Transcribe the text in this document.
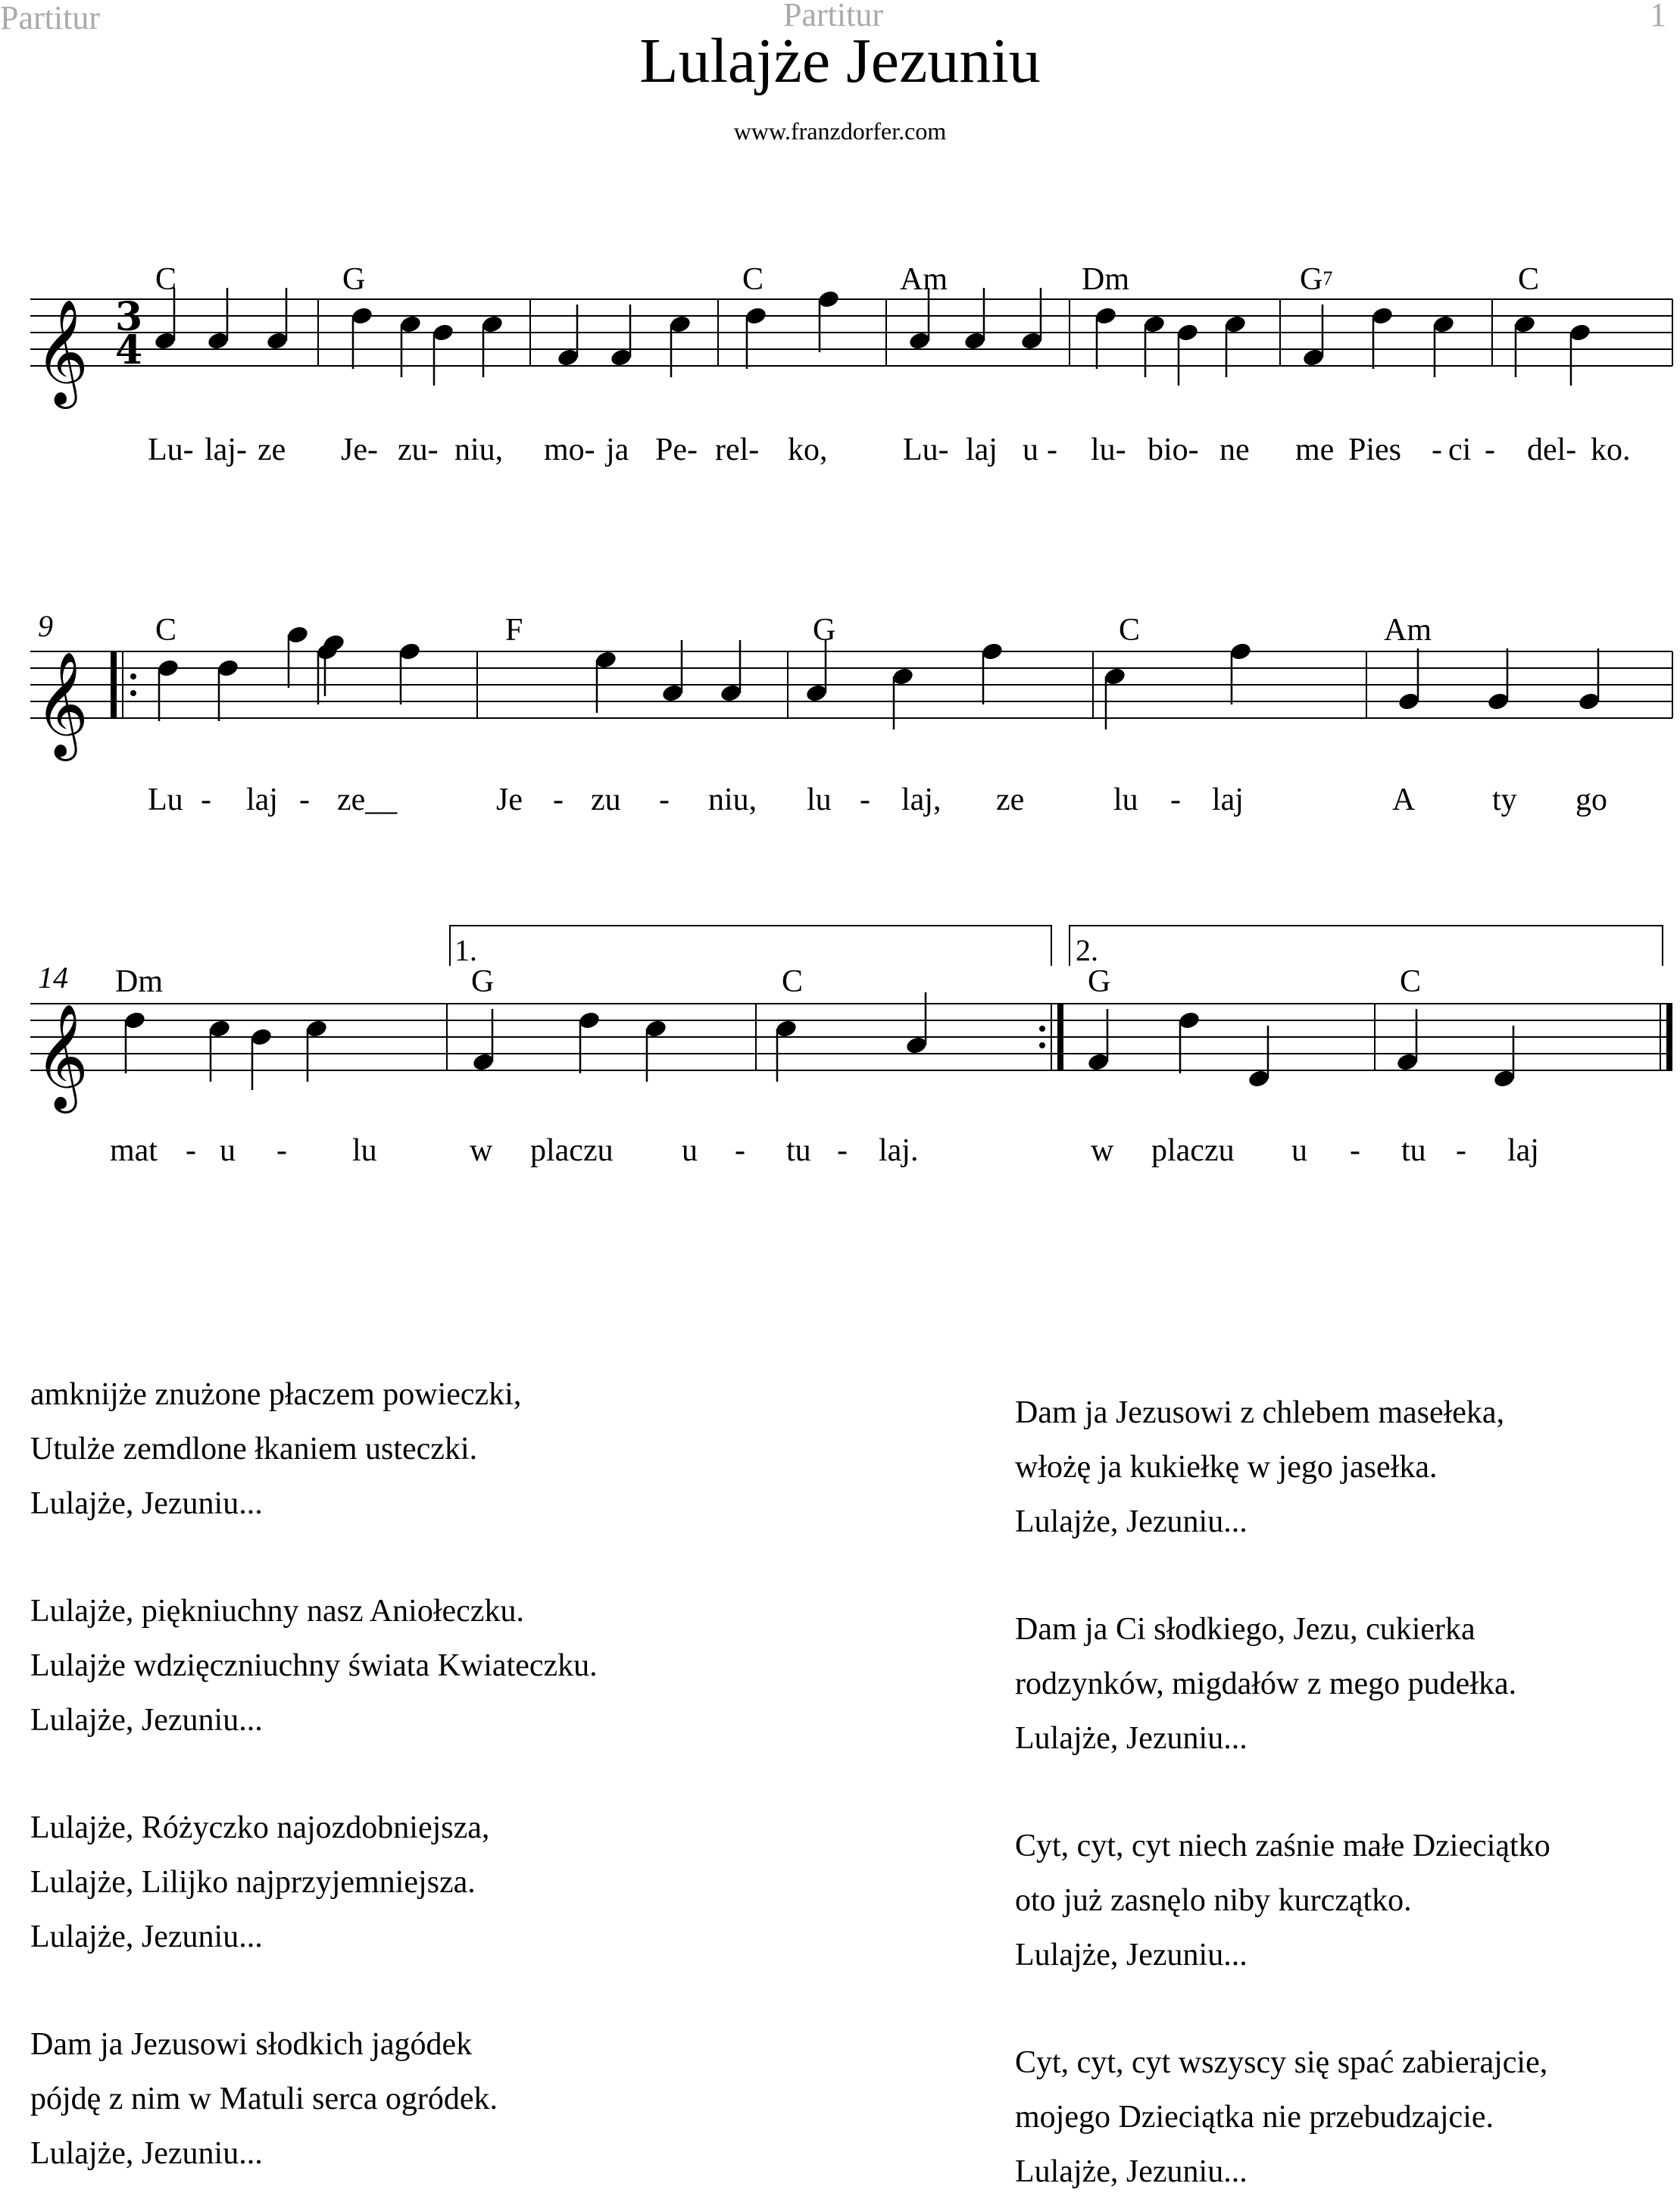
Partitur	Partitur	1
Lulajże Jezuniu
www.franzdorfer.com
𝄞 3
4
𝄞
𝄞
1.	2.
C	G	C	Am	Dm	$G^7$	C
Lu- laj- ze Je- zu- niu, mo- ja Pe- rel- ko, Lu- laj u - lu- bio- ne me Pies - ci - del- ko.
9	C	F	G	C	Am
Lu - laj - ze__	Je - zu - niu, lu - laj, ze	lu - laj	A ty go
14 Dm	G	C	G	C
mat - u - lu	w placzu u - tu - laj.	w placzu u - tu - laj
amknijże znużone płaczem powieczki,
Utulże zemdlone łkaniem usteczki.
Lulajże, Jezuniu...
Lulajże, piękniuchny nasz Aniołeczku.
Lulajże wdzięczniuchny świata Kwiateczku.
Lulajże, Jezuniu...
Lulajże, Różyczko najozdobniejsza,
Lulajże, Lilijko najprzyjemniejsza.
Lulajże, Jezuniu...
Dam ja Jezusowi słodkich jagódek
pójdę z nim w Matuli serca ogródek.
Lulajże, Jezuniu...
Dam ja Jezusowi z chlebem masełeka,
włożę ja kukiełkę w jego jasełka.
Lulajże, Jezuniu...
Dam ja Ci słodkiego, Jezu, cukierka
rodzynków, migdałów z mego pudełka.
Lulajże, Jezuniu...
Cyt, cyt, cyt niech zaśnie małe Dzieciątko
oto już zasnęlo niby kurczątko.
Lulajże, Jezuniu...
Cyt, cyt, cyt wszyscy się spać zabierajcie,
mojego Dzieciątka nie przebudzajcie.
Lulajże, Jezuniu...
